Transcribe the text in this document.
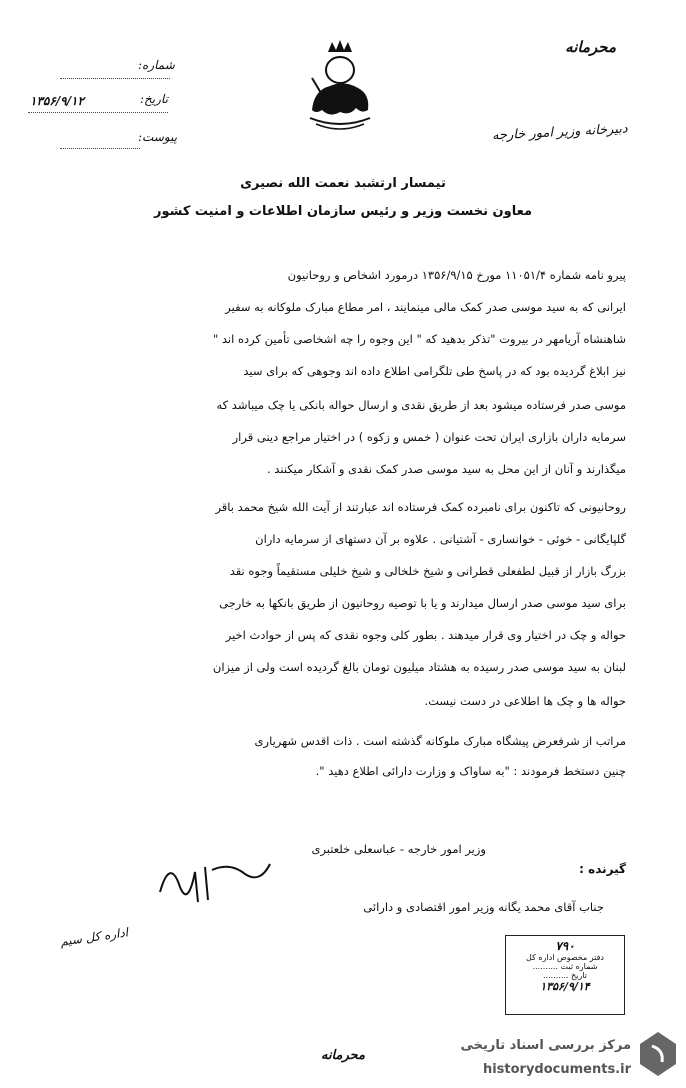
محرمانه
دبیرخانه وزیر امور خارجه
شماره:
تاریخ:
۱۳۵۶/۹/۱۲
پیوست:
تیمسار ارتشبد نعمت الله نصیری
معاون نخست وزیر و رئیس سازمان اطلاعات و امنیت کشور
پیرو نامه شماره ۱۱۰۵۱/۴ مورخ ۱۳۵۶/۹/۱۵ درمورد اشخاص و روحانیون
ایرانی که به سید موسی صدر کمک مالی مینمایند ، امر مطاع مبارک ملوکانه به سفیر
شاهنشاه آریامهر در بیروت "تذکر بدهید که " این وجوه را چه اشخاصی تأمین کرده اند "
نیز ابلاغ گردیده بود که در پاسخ طی تلگرامی اطلاع داده اند وجوهی که برای سید
موسی صدر فرستاده میشود بعد از طریق نقدی و ارسال حواله بانکی یا چک میباشد که
سرمایه داران بازاری ایران تحت عنوان ( خمس و زکوه ) در اختیار مراجع دینی قرار
میگذارند و آنان از این محل به سید موسی صدر کمک نقدی و آشکار میکنند .
روحانیونی که تاکنون برای نامبرده کمک فرستاده اند عبارتند از آیت الله شیخ محمد باقر
گلپایگانی - خوئی - خوانساری - آشتیانی . علاوه بر آن دستهای از سرمایه داران
بزرگ بازار از قبیل لطفعلی قطرانی و شیخ خلخالی و شیخ خلیلی مستقیماً وجوه نقد
برای سید موسی صدر ارسال میدارند و یا با توصیه روحانیون از طریق بانکها به خارجی
حواله و چک در اختیار وی قرار میدهند . بطور کلی وجوه نقدی که پس از حوادث اخیر
لبنان به سید موسی صدر رسیده به هشتاد میلیون تومان بالغ گردیده است ولی از میزان
حواله ها و چک ها اطلاعی در دست نیست.
مراتب از شرفعرض پیشگاه مبارک ملوکانه گذشته است . ذات اقدس شهریاری
چنین دستخط فرمودند : "به ساواک و وزارت دارائی اطلاع دهید ".
وزیر امور خارجه - عباسعلی خلعتبری
گیرنده :
جناب آقای محمد یگانه وزیر امور اقتصادی و دارائی
اداره کل سیم	۷۹۰
دفتر مخصوص اداره کل
شماره ثبت ..........
تاریخ ..........
۱۳۵۶/۹/۱۴
محرمانه
مرکز بررسی اسناد تاریخی
historydocuments.ir
